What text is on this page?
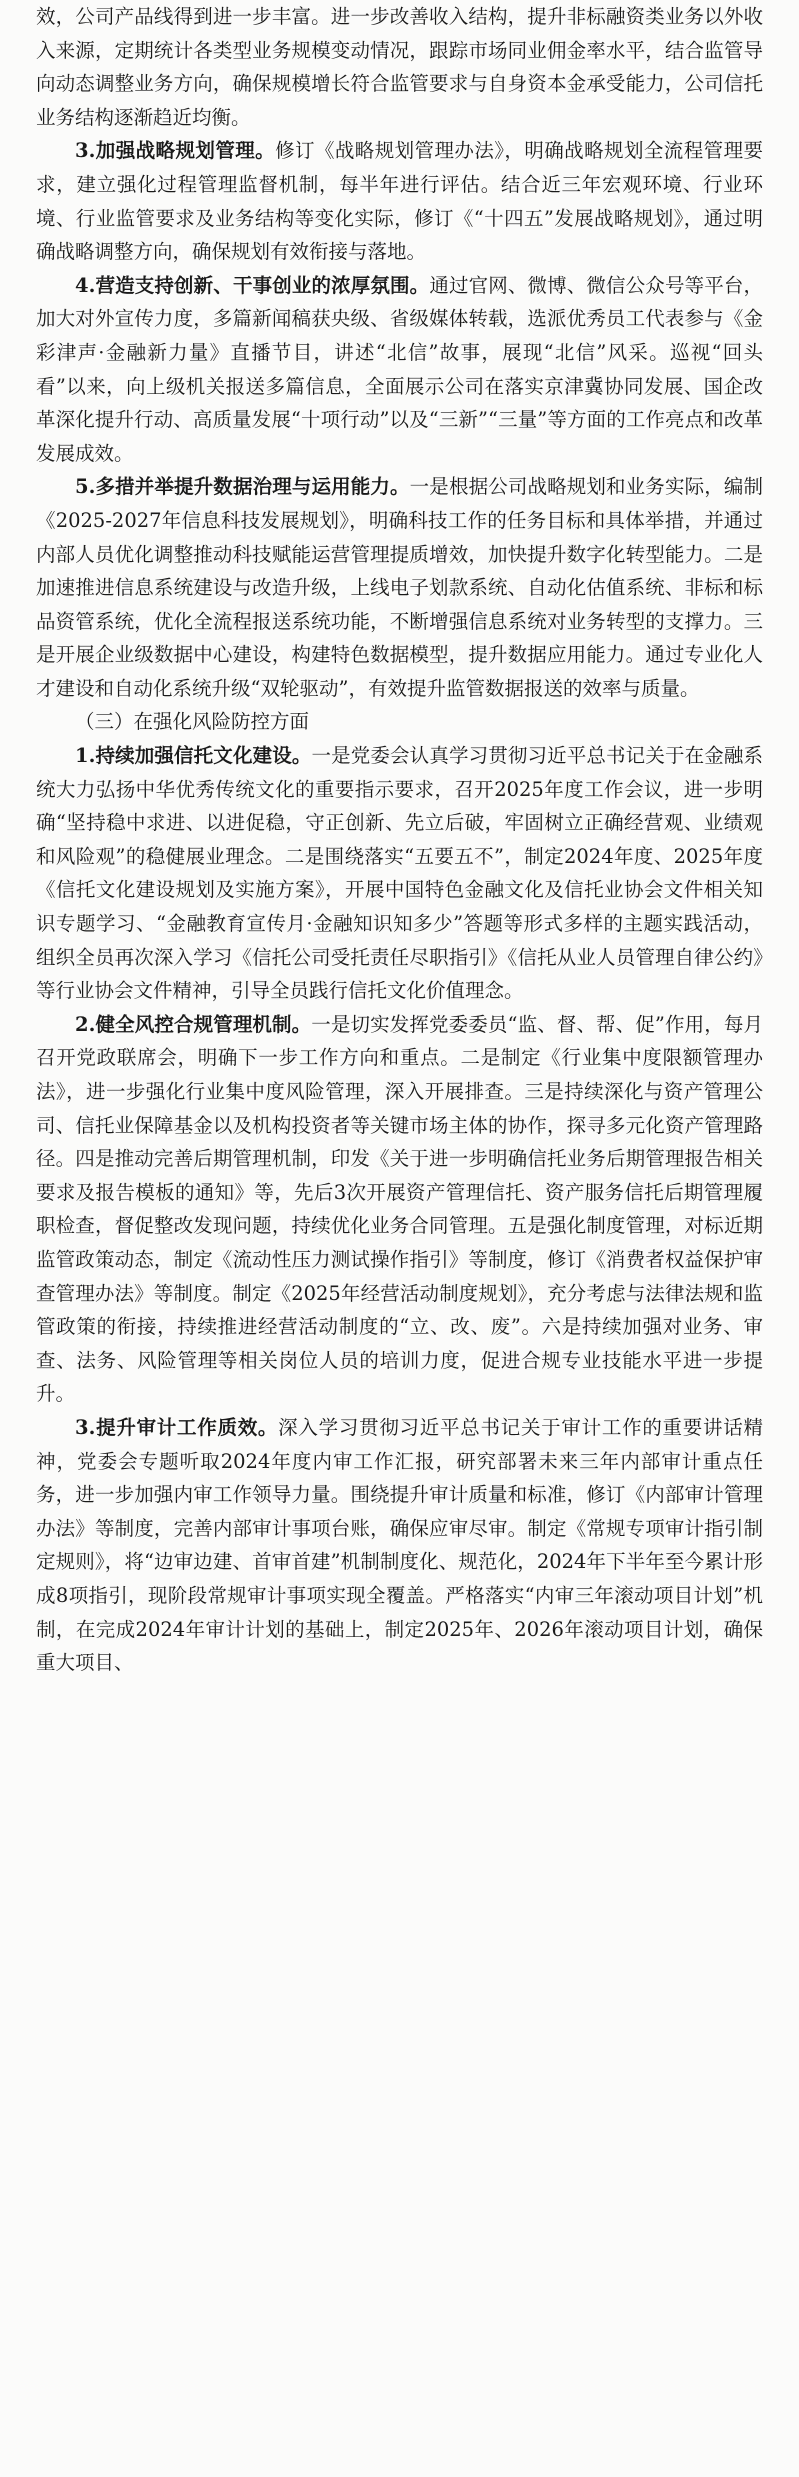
效，公司产品线得到进一步丰富。进一步改善收入结构，提升非标融资类业务以外收入来源，定期统计各类型业务规模变动情况，跟踪市场同业佣金率水平，结合监管导向动态调整业务方向，确保规模增长符合监管要求与自身资本金承受能力，公司信托业务结构逐渐趋近均衡。

3.加强战略规划管理。修订《战略规划管理办法》，明确战略规划全流程管理要求，建立强化过程管理监督机制，每半年进行评估。结合近三年宏观环境、行业环境、行业监管要求及业务结构等变化实际，修订《“十四五”发展战略规划》，通过明确战略调整方向，确保规划有效衔接与落地。

4.营造支持创新、干事创业的浓厚氛围。通过官网、微博、微信公众号等平台，加大对外宣传力度，多篇新闻稿获央级、省级媒体转载，选派优秀员工代表参与《金彩津声·金融新力量》直播节目，讲述“北信”故事，展现“北信”风采。巡视“回头看”以来，向上级机关报送多篇信息，全面展示公司在落实京津冀协同发展、国企改革深化提升行动、高质量发展“十项行动”以及“三新”“三量”等方面的工作亮点和改革发展成效。

5.多措并举提升数据治理与运用能力。一是根据公司战略规划和业务实际，编制《2025-2027年信息科技发展规划》，明确科技工作的任务目标和具体举措，并通过内部人员优化调整推动科技赋能运营管理提质增效，加快提升数字化转型能力。二是加速推进信息系统建设与改造升级，上线电子划款系统、自动化估值系统、非标和标品资管系统，优化全流程报送系统功能，不断增强信息系统对业务转型的支撑力。三是开展企业级数据中心建设，构建特色数据模型，提升数据应用能力。通过专业化人才建设和自动化系统升级“双轮驱动”，有效提升监管数据报送的效率与质量。

（三）在强化风险防控方面

1.持续加强信托文化建设。一是党委会认真学习贯彻习近平总书记关于在金融系统大力弘扬中华优秀传统文化的重要指示要求，召开2025年度工作会议，进一步明确“坚持稳中求进、以进促稳，守正创新、先立后破，牢固树立正确经营观、业绩观和风险观”的稳健展业理念。二是围绕落实“五要五不”，制定2024年度、2025年度《信托文化建设规划及实施方案》，开展中国特色金融文化及信托业协会文件相关知识专题学习、“金融教育宣传月·金融知识知多少”答题等形式多样的主题实践活动，组织全员再次深入学习《信托公司受托责任尽职指引》《信托从业人员管理自律公约》等行业协会文件精神，引导全员践行信托文化价值理念。

2.健全风控合规管理机制。一是切实发挥党委委员“监、督、帮、促”作用，每月召开党政联席会，明确下一步工作方向和重点。二是制定《行业集中度限额管理办法》，进一步强化行业集中度风险管理，深入开展排查。三是持续深化与资产管理公司、信托业保障基金以及机构投资者等关键市场主体的协作，探寻多元化资产管理路径。四是推动完善后期管理机制，印发《关于进一步明确信托业务后期管理报告相关要求及报告模板的通知》等，先后3次开展资产管理信托、资产服务信托后期管理履职检查，督促整改发现问题，持续优化业务合同管理。五是强化制度管理，对标近期监管政策动态，制定《流动性压力测试操作指引》等制度，修订《消费者权益保护审查管理办法》等制度。制定《2025年经营活动制度规划》，充分考虑与法律法规和监管政策的衔接，持续推进经营活动制度的“立、改、废”。六是持续加强对业务、审查、法务、风险管理等相关岗位人员的培训力度，促进合规专业技能水平进一步提升。

3.提升审计工作质效。深入学习贯彻习近平总书记关于审计工作的重要讲话精神，党委会专题听取2024年度内审工作汇报，研究部署未来三年内部审计重点任务，进一步加强内审工作领导力量。围绕提升审计质量和标准，修订《内部审计管理办法》等制度，完善内部审计事项台账，确保应审尽审。制定《常规专项审计指引制定规则》，将“边审边建、首审首建”机制制度化、规范化，2024年下半年至今累计形成8项指引，现阶段常规审计事项实现全覆盖。严格落实“内审三年滚动项目计划”机制，在完成2024年审计计划的基础上，制定2025年、2026年滚动项目计划，确保重大项目、
